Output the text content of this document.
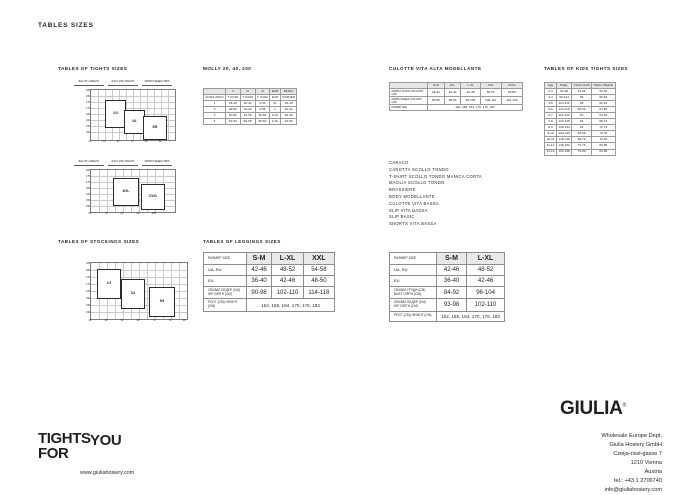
TABLES SIZES
TABLES OF TIGHTS SIZES
ВЕС (КГ) /WEIGHT	РОСТ (СМ) /HEIGHT	ОБХВАТ БЕДЕР /HIPS
185
180
175
170
165
160
155
150
2/4
4/L
5/B
40	50	60	70	80	90
ВЕС (КГ) /WEIGHT	РОСТ (СМ) /HEIGHT	ОБХВАТ БЕДЕР /HIPS
180
175
170
165
160
155
150
6/XL
7/XXL
60	70	80	90	100
TABLES OF STOCKINGS SIZES
185
180
175
170
165
160
155
150
1/2
3/4
5/6
38	46	54	62	70	78	90
MOLLY 20, 40, 200
	II	III	IV	EUR	BA/MU
КОЖА /SKIN	T /COM	T /COM	T /COM	EUR	РАЗМЕР
1	46-48	30-32	2-54	XL	36-40
2	48-50	32-34	4-56	L	40-44
3	50-52	34-56	56-58	2-XL	38-48
4	52-54	56-58	58-60	4-XL	40-52
TABLES OF LEGGINGS SIZES
РАЗМЕР SIZE	S-M	L-XL	XXL
UA, RU	42-46	48-52	54-58
EU	36-40	42-46	48-50
ОБХВАТ БЕДЕР (СМ) HIP GIRTH (CM)	90-98	102-110	114-118
РОСТ (СМ) HEIGHT (CM)	152, 158, 164, 170, 176, 182		
CULOTTE VITA ALTA MODELLANTE
	S-M	M-L	L-XL	XXL	XXXL
ОБХВАТ ТАЛИИ (СМ) WAIST (CM)	38-44	42-44	46-48	50-55	58-60
ОБХВАТ БЕДЕР (СМ) HIPS (CM)	86-88	88-94	98-104	108-112	116-120
РАЗМЕР SIZE	152, 158, 164, 170, 176, 182				
CARACO
CANOTTA SCOLLO TONDO
T-SHIRT SCOLLO TONDO MANICA CORTA
MAGLIA SCOLLO TONDO
BRASSIERE
BODY MODELLANTE
CULOTTE VITA BASSA
SLIP VITA BASSA
SLIP BASIC
SHORTS VITA BASSA
РАЗМЕР SIZE	S-M	L-XL
UA, RU	42-46	48-52
EU	36-40	42-46
ОБХВАТ ГРУДИ (СМ) BUST GIRTH (CM)	84-92	96-104
ОБХВАТ БЕДЕР (СМ) HIP GIRTH (CM)	93-98	102-110
РОСТ (СМ) HEIGHT (CM)	152, 158, 164, 170, 176, 182	
TABLES OF KIDS TIGHTS SIZES
Age	Разм.	Chest Girth	Tights Heights
2-3	92-98	54-56	50-56
3-4	98-104	56	56-60
4-5	104-110	58	62-64
5-6	110-116	58-60	64-68
6-7	116-122	60	64-68
7-8	122-128	62	68-72
8-9	128-134	64	72-76
9-10	134-140	66-68	72-78
10-11	140-146	68-70	76-82
11-12	146-152	72-76	80-86
12-13	152-158	76-80	84-88
GIULIA®
Wholesale Europe Dept.
Giulia Hosiery GmbH
Czeija-rissl-gasse 7
1210 Vienna
Austria
tel.: +43 1 2706740
info@giuliahosiery.com
TIGHTS
FOR
YOU
www.giuliahosiery.com
